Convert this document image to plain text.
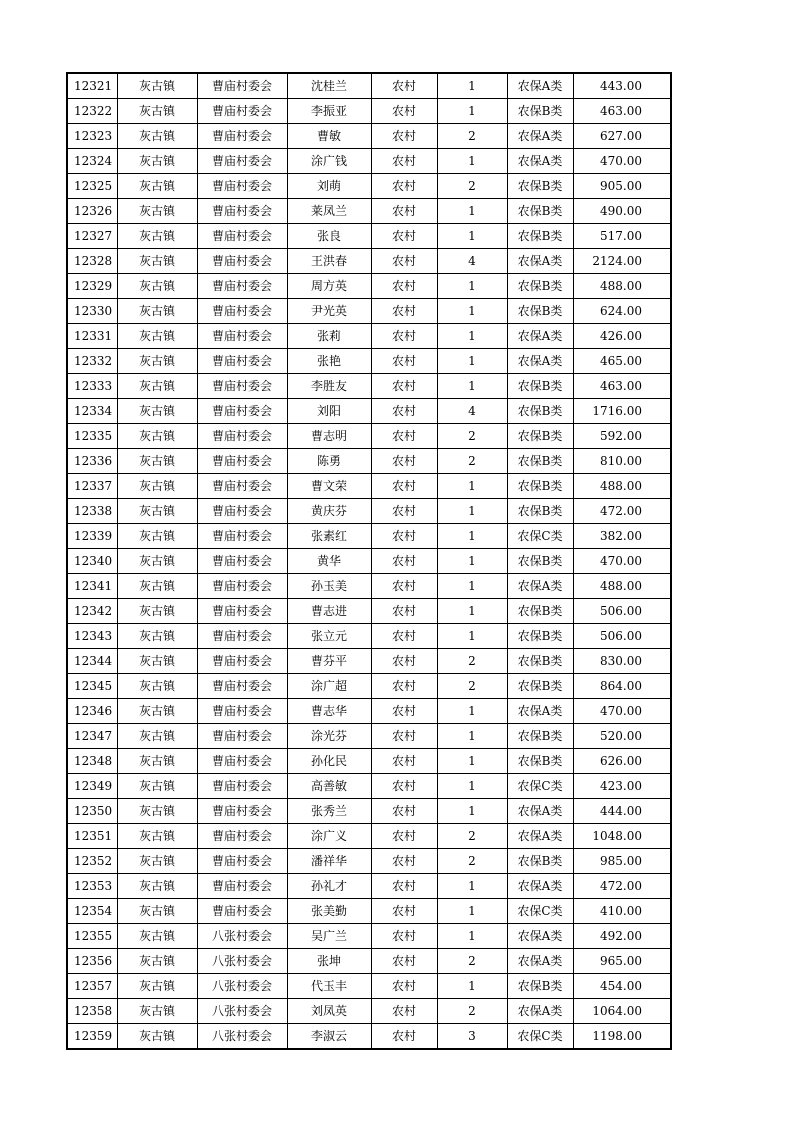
12321	灰古镇	曹庙村委会	沈桂兰	农村	1	农保A类	443.00
12322	灰古镇	曹庙村委会	李振亚	农村	1	农保B类	463.00
12323	灰古镇	曹庙村委会	曹敏	农村	2	农保A类	627.00
12324	灰古镇	曹庙村委会	涂广钱	农村	1	农保A类	470.00
12325	灰古镇	曹庙村委会	刘萌	农村	2	农保B类	905.00
12326	灰古镇	曹庙村委会	莱凤兰	农村	1	农保B类	490.00
12327	灰古镇	曹庙村委会	张良	农村	1	农保B类	517.00
12328	灰古镇	曹庙村委会	王洪春	农村	4	农保A类	2124.00
12329	灰古镇	曹庙村委会	周方英	农村	1	农保B类	488.00
12330	灰古镇	曹庙村委会	尹光英	农村	1	农保B类	624.00
12331	灰古镇	曹庙村委会	张莉	农村	1	农保A类	426.00
12332	灰古镇	曹庙村委会	张艳	农村	1	农保A类	465.00
12333	灰古镇	曹庙村委会	李胜友	农村	1	农保B类	463.00
12334	灰古镇	曹庙村委会	刘阳	农村	4	农保B类	1716.00
12335	灰古镇	曹庙村委会	曹志明	农村	2	农保B类	592.00
12336	灰古镇	曹庙村委会	陈勇	农村	2	农保B类	810.00
12337	灰古镇	曹庙村委会	曹文荣	农村	1	农保B类	488.00
12338	灰古镇	曹庙村委会	黄庆芬	农村	1	农保B类	472.00
12339	灰古镇	曹庙村委会	张素红	农村	1	农保C类	382.00
12340	灰古镇	曹庙村委会	黄华	农村	1	农保B类	470.00
12341	灰古镇	曹庙村委会	孙玉美	农村	1	农保A类	488.00
12342	灰古镇	曹庙村委会	曹志进	农村	1	农保B类	506.00
12343	灰古镇	曹庙村委会	张立元	农村	1	农保B类	506.00
12344	灰古镇	曹庙村委会	曹芬平	农村	2	农保B类	830.00
12345	灰古镇	曹庙村委会	涂广超	农村	2	农保B类	864.00
12346	灰古镇	曹庙村委会	曹志华	农村	1	农保A类	470.00
12347	灰古镇	曹庙村委会	涂光芬	农村	1	农保B类	520.00
12348	灰古镇	曹庙村委会	孙化民	农村	1	农保B类	626.00
12349	灰古镇	曹庙村委会	高善敏	农村	1	农保C类	423.00
12350	灰古镇	曹庙村委会	张秀兰	农村	1	农保A类	444.00
12351	灰古镇	曹庙村委会	涂广义	农村	2	农保A类	1048.00
12352	灰古镇	曹庙村委会	潘祥华	农村	2	农保B类	985.00
12353	灰古镇	曹庙村委会	孙礼才	农村	1	农保A类	472.00
12354	灰古镇	曹庙村委会	张美勤	农村	1	农保C类	410.00
12355	灰古镇	八张村委会	吴广兰	农村	1	农保A类	492.00
12356	灰古镇	八张村委会	张坤	农村	2	农保A类	965.00
12357	灰古镇	八张村委会	代玉丰	农村	1	农保B类	454.00
12358	灰古镇	八张村委会	刘凤英	农村	2	农保A类	1064.00
12359	灰古镇	八张村委会	李淑云	农村	3	农保C类	1198.00
